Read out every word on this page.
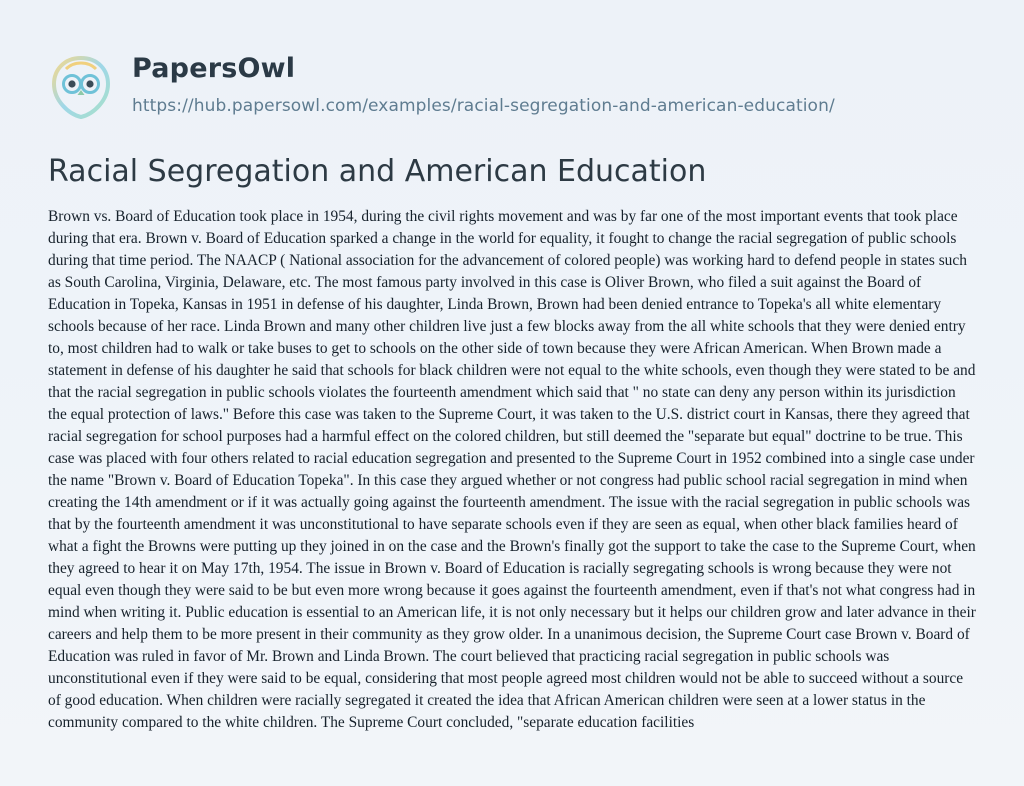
PapersOwl
https://hub.papersowl.com/examples/racial-segregation-and-american-education/
Racial Segregation and American Education

Brown vs. Board of Education took place in 1954, during the civil rights movement and was by far one of the most important events that took place during that era. Brown v. Board of Education sparked a change in the world for equality, it fought to change the racial segregation of public schools during that time period. The NAACP ( National association for the advancement of colored people) was working hard to defend people in states such as South Carolina, Virginia, Delaware, etc. The most famous party involved in this case is Oliver Brown, who filed a suit against the Board of Education in Topeka, Kansas in 1951 in defense of his daughter, Linda Brown, Brown had been denied entrance to Topeka's all white elementary schools because of her race. Linda Brown and many other children live just a few blocks away from the all white schools that they were denied entry to, most children had to walk or take buses to get to schools on the other side of town because they were African American. When Brown made a statement in defense of his daughter he said that schools for black children were not equal to the white schools, even though they were stated to be and that the racial segregation in public schools violates the fourteenth amendment which said that " no state can deny any person within its jurisdiction the equal protection of laws." Before this case was taken to the Supreme Court, it was taken to the U.S. district court in Kansas, there they agreed that racial segregation for school purposes had a harmful effect on the colored children, but still deemed the "separate but equal" doctrine to be true. This case was placed with four others related to racial education segregation and presented to the Supreme Court in 1952 combined into a single case under the name "Brown v. Board of Education Topeka". In this case they argued whether or not congress had public school racial segregation in mind when creating the 14th amendment or if it was actually going against the fourteenth amendment. The issue with the racial segregation in public schools was that by the fourteenth amendment it was unconstitutional to have separate schools even if they are seen as equal, when other black families heard of what a fight the Browns were putting up they joined in on the case and the Brown's finally got the support to take the case to the Supreme Court, when they agreed to hear it on May 17th, 1954. The issue in Brown v. Board of Education is racially segregating schools is wrong because they were not equal even though they were said to be but even more wrong because it goes against the fourteenth amendment, even if that's not what congress had in mind when writing it. Public education is essential to an American life, it is not only necessary but it helps our children grow and later advance in their careers and help them to be more present in their community as they grow older. In a unanimous decision, the Supreme Court case Brown v. Board of Education was ruled in favor of Mr. Brown and Linda Brown. The court believed that practicing racial segregation in public schools was unconstitutional even if they were said to be equal, considering that most people agreed most children would not be able to succeed without a source of good education. When children were racially segregated it created the idea that African American children were seen at a lower status in the community compared to the white children. The Supreme Court concluded, "separate education facilities
